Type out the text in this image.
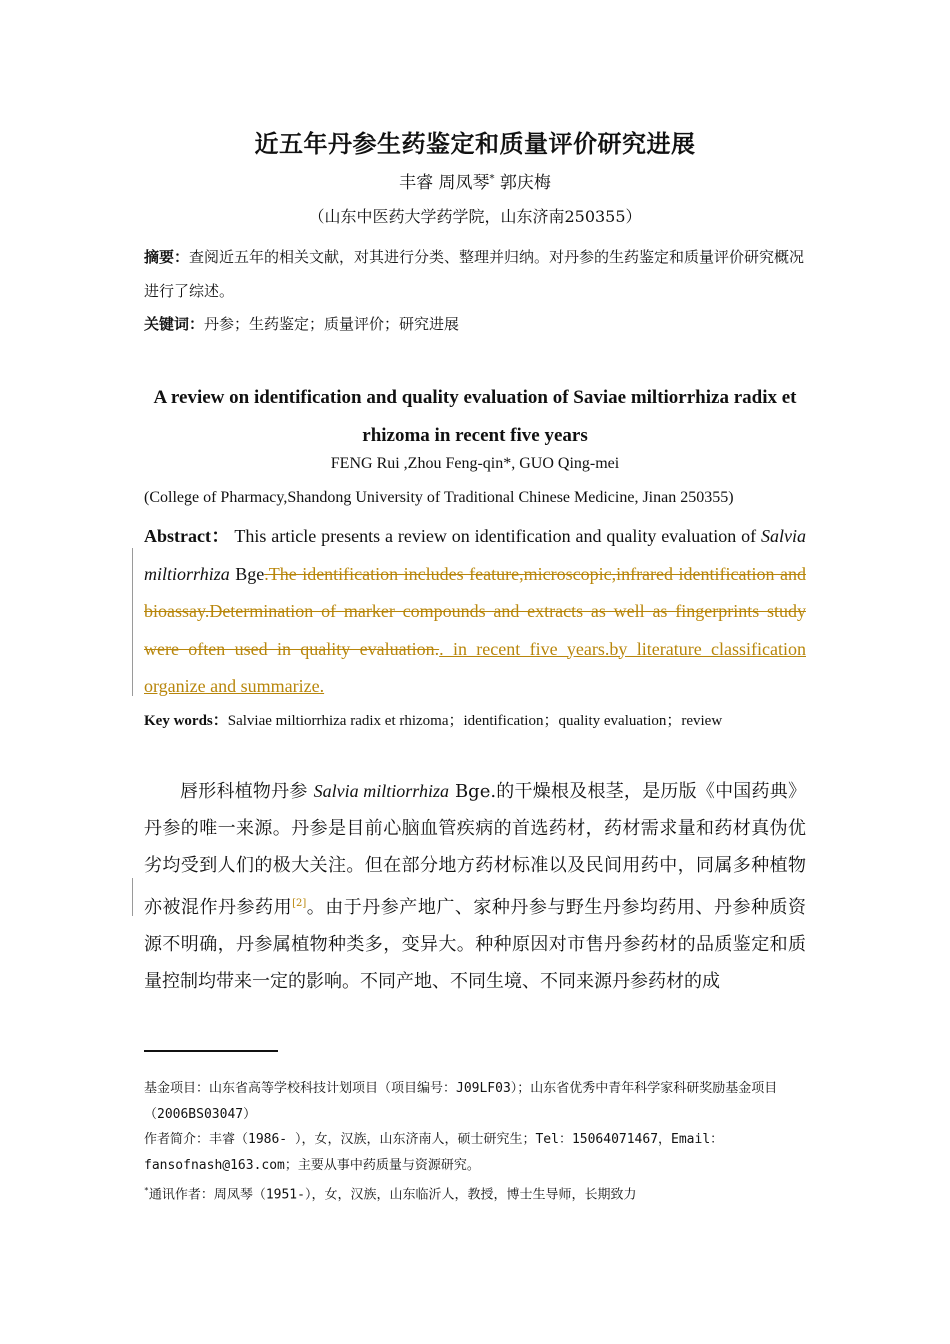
近五年丹参生药鉴定和质量评价研究进展
丰睿 周凤琴* 郭庆梅
（山东中医药大学药学院，山东济南250355）
摘要：查阅近五年的相关文献，对其进行分类、整理并归纳。对丹参的生药鉴定和质量评价研究概况进行了综述。
关键词：丹参；生药鉴定；质量评价；研究进展
A review on identification and quality evaluation of Saviae miltiorrhiza radix et rhizoma in recent five years
FENG Rui ,Zhou Feng-qin*, GUO Qing-mei
(College of Pharmacy,Shandong University of Traditional Chinese Medicine, Jinan 250355)
Abstract： This article presents a review on identification and quality evaluation of Salvia miltiorrhiza Bge.The identification includes feature,microscopic,infrared identification and bioassay.Determination of marker compounds and extracts as well as fingerprints study were often used in quality evaluation.. in recent five years.by literature classification organize and summarize.
Key words：Salviae miltiorrhiza radix et rhizoma；identification；quality evaluation；review
唇形科植物丹参 Salvia miltiorrhiza Bge.的干燥根及根茎，是历版《中国药典》丹参的唯一来源。丹参是目前心脑血管疾病的首选药材，药材需求量和药材真伪优劣均受到人们的极大关注。但在部分地方药材标准以及民间用药中，同属多种植物亦被混作丹参药用[2]。由于丹参产地广、家种丹参与野生丹参均药用、丹参种质资源不明确，丹参属植物种类多，变异大。种种原因对市售丹参药材的品质鉴定和质量控制均带来一定的影响。不同产地、不同生境、不同来源丹参药材的成
基金项目：山东省高等学校科技计划项目（项目编号：J09LF03）；山东省优秀中青年科学家科研奖励基金项目（2006BS03047）
作者简介：丰睿（1986- ），女，汉族，山东济南人，硕士研究生；Tel：15064071467，Email：fansofnash@163.com；主要从事中药质量与资源研究。
*通讯作者：周凤琴（1951-），女，汉族，山东临沂人，教授，博士生导师，长期致力
